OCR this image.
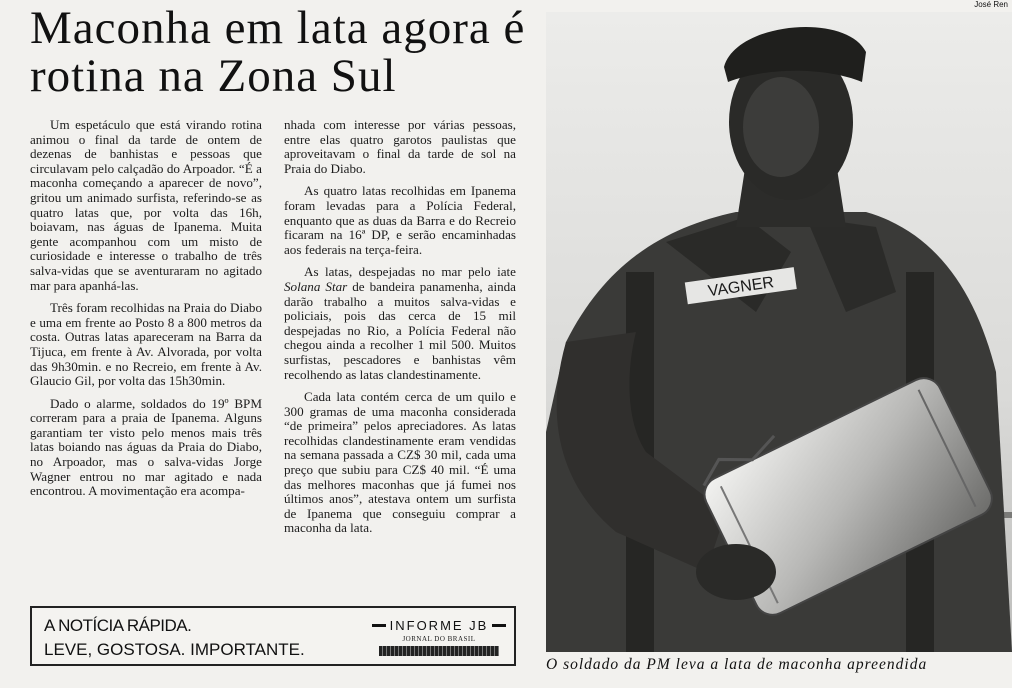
Maconha em lata agora é rotina na Zona Sul

Um espetáculo que está virando rotina animou o final da tarde de ontem de dezenas de banhistas e pessoas que circulavam pelo calçadão do Arpoador. “É a maconha começando a aparecer de novo”, gritou um animado surfista, referindo-se as quatro latas que, por volta das 16h, boiavam, nas águas de Ipanema. Muita gente acompanhou com um misto de curiosidade e interesse o trabalho de três salva-vidas que se aventuraram no agitado mar para apanhá-las.

Três foram recolhidas na Praia do Diabo e uma em frente ao Posto 8 a 800 metros da costa. Outras latas apareceram na Barra da Tijuca, em frente à Av. Alvorada, por volta das 9h30min. e no Recreio, em frente à Av. Glaucio Gil, por volta das 15h30min.

Dado o alarme, soldados do 19º BPM correram para a praia de Ipanema. Alguns garantiam ter visto pelo menos mais três latas boiando nas águas da Praia do Diabo, no Arpoador, mas o salva-vidas Jorge Wagner entrou no mar agitado e nada encontrou. A movimentação era acompa-

nhada com interesse por várias pessoas, entre elas quatro garotos paulistas que aproveitavam o final da tarde de sol na Praia do Diabo.

As quatro latas recolhidas em Ipanema foram levadas para a Polícia Federal, enquanto que as duas da Barra e do Recreio ficaram na 16ª DP, e serão encaminhadas aos federais na terça-feira.

As latas, despejadas no mar pelo iate Solana Star de bandeira panamenha, ainda darão trabalho a muitos salva-vidas e policiais, pois das cerca de 15 mil despejadas no Rio, a Polícia Federal não chegou ainda a recolher 1 mil 500. Muitos surfistas, pescadores e banhistas vêm recolhendo as latas clandestinamente.

Cada lata contém cerca de um quilo e 300 gramas de uma maconha considerada “de primeira” pelos apreciadores. As latas recolhidas clandestinamente eram vendidas na semana passada a CZ$ 30 mil, cada uma preço que subiu para CZ$ 40 mil. “É uma das melhores maconhas que já fumei nos últimos anos”, atestava ontem um surfista de Ipanema que conseguiu comprar a maconha da lata.

A NOTÍCIA RÁPIDA.
LEVE, GOSTOSA. IMPORTANTE.
INFORME JB
JORNAL DO BRASIL
José Ren
VAGNER
O soldado da PM leva a lata de maconha apreendida
